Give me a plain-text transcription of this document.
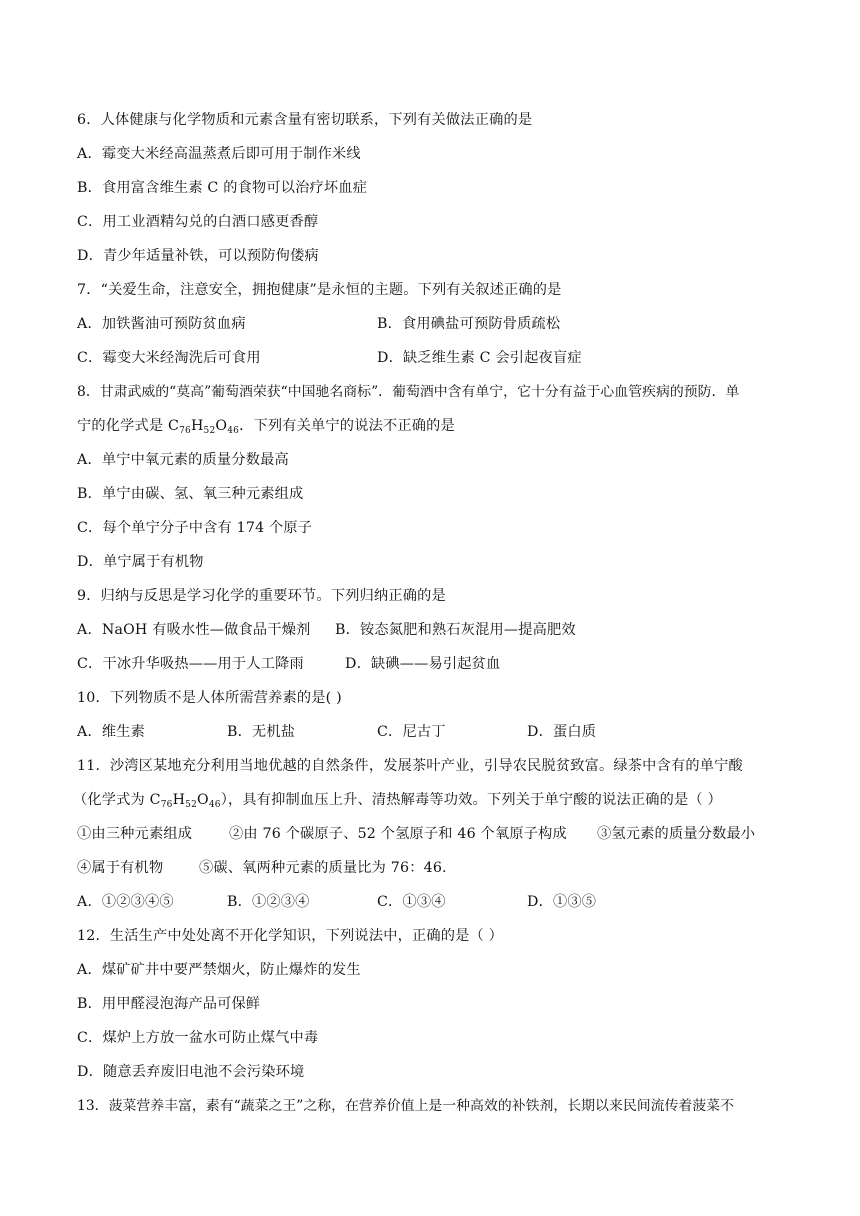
6．人体健康与化学物质和元素含量有密切联系，下列有关做法正确的是
A．霉变大米经高温蒸煮后即可用于制作米线
B．食用富含维生素 C 的食物可以治疗坏血症
C．用工业酒精勾兑的白酒口感更香醇
D．青少年适量补铁，可以预防佝偻病
7．“关爱生命，注意安全，拥抱健康”是永恒的主题。下列有关叙述正确的是
A．加铁酱油可预防贫血病	B．食用碘盐可预防骨质疏松
C．霉变大米经淘洗后可食用	D．缺乏维生素 C 会引起夜盲症
8．甘肃武威的“莫高”葡萄酒荣获“中国驰名商标”．葡萄酒中含有单宁，它十分有益于心血管疾病的预防．单
宁的化学式是 $C_{76}H_{52}O_{46}$．下列有关单宁的说法不正确的是
A．单宁中氧元素的质量分数最高
B．单宁由碳、氢、氧三种元素组成
C．每个单宁分子中含有 174 个原子
D．单宁属于有机物
9．归纳与反思是学习化学的重要环节。下列归纳正确的是
A．NaOH 有吸水性—做食品干燥剂 B．铵态氮肥和熟石灰混用—提高肥效
C．干冰升华吸热——用于人工降雨	D．缺碘——易引起贫血
10．下列物质不是人体所需营养素的是( )
A．维生素	B．无机盐	C．尼古丁	D．蛋白质
11．沙湾区某地充分利用当地优越的自然条件，发展茶叶产业，引导农民脱贫致富。绿茶中含有的单宁酸
（化学式为 $C_{76}H_{52}O_{46}$），具有抑制血压上升、清热解毒等功效。下列关于单宁酸的说法正确的是（ ）
①由三种元素组成	②由 76 个碳原子、52 个氢原子和 46 个氧原子构成 ③氢元素的质量分数最小
④属于有机物	⑤碳、氧两种元素的质量比为 76：46.
A．①②③④⑤	B．①②③④	C．①③④	D．①③⑤
12．生活生产中处处离不开化学知识，下列说法中，正确的是（ ）
A．煤矿矿井中要严禁烟火，防止爆炸的发生
B．用甲醛浸泡海产品可保鲜
C．煤炉上方放一盆水可防止煤气中毒
D．随意丢弃废旧电池不会污染环境
13．菠菜营养丰富，素有“蔬菜之王”之称，在营养价值上是一种高效的补铁剂，长期以来民间流传着菠菜不
